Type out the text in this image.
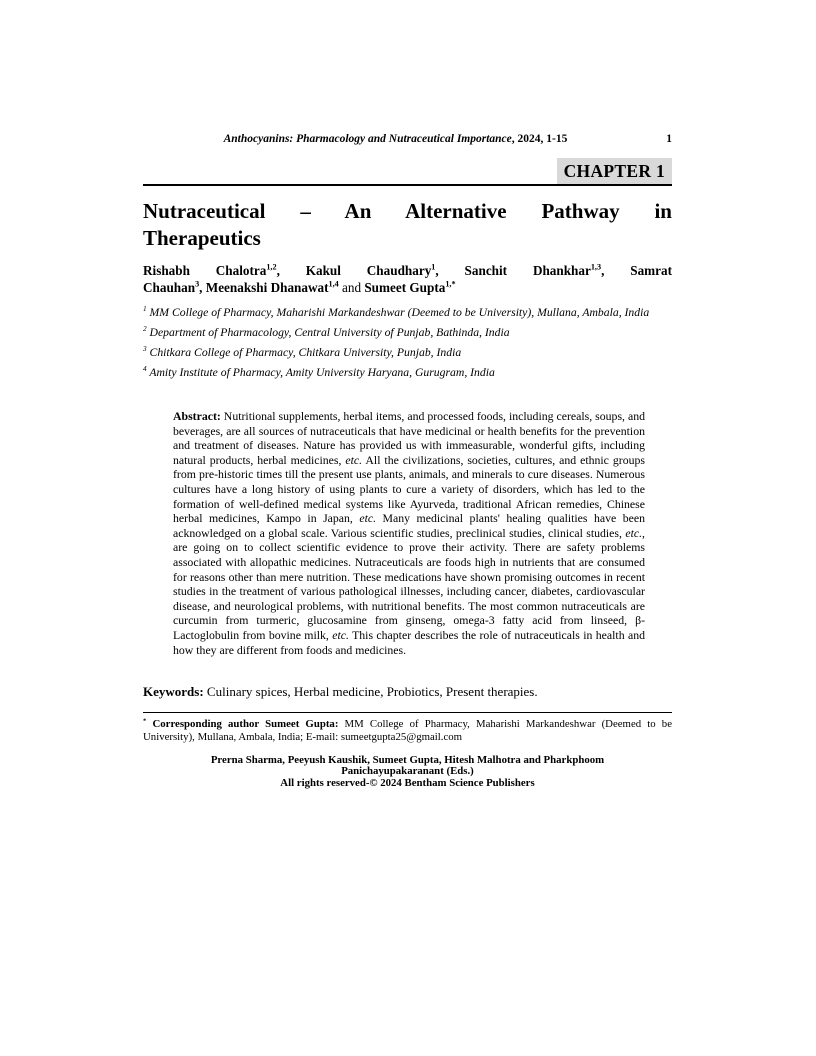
Anthocyanins: Pharmacology and Nutraceutical Importance, 2024, 1-15	1
CHAPTER 1
Nutraceutical – An Alternative Pathway in
Therapeutics
Rishabh Chalotra$^{1,2}$, Kakul Chaudhary$^1$, Sanchit Dhankhar$^{1,3}$, Samrat
Chauhan$^3$, Meenakshi Dhanawat$^{1,4}$ and Sumeet Gupta$^{1,*}$

$^1$ MM College of Pharmacy, Maharishi Markandeshwar (Deemed to be University), Mullana, Ambala, India

$^2$ Department of Pharmacology, Central University of Punjab, Bathinda, India

$^3$ Chitkara College of Pharmacy, Chitkara University, Punjab, India

$^4$ Amity Institute of Pharmacy, Amity University Haryana, Gurugram, India

Abstract: Nutritional supplements, herbal items, and processed foods, including cereals, soups, and beverages, are all sources of nutraceuticals that have medicinal or health benefits for the prevention and treatment of diseases. Nature has provided us with immeasurable, wonderful gifts, including natural products, herbal medicines, etc. All the civilizations, societies, cultures, and ethnic groups from pre-historic times till the present use plants, animals, and minerals to cure diseases. Numerous cultures have a long history of using plants to cure a variety of disorders, which has led to the formation of well-defined medical systems like Ayurveda, traditional African remedies, Chinese herbal medicines, Kampo in Japan, etc. Many medicinal plants' healing qualities have been acknowledged on a global scale. Various scientific studies, preclinical studies, clinical studies, etc., are going on to collect scientific evidence to prove their activity. There are safety problems associated with allopathic medicines. Nutraceuticals are foods high in nutrients that are consumed for reasons other than mere nutrition. These medications have shown promising outcomes in recent studies in the treatment of various pathological illnesses, including cancer, diabetes, cardiovascular disease, and neurological problems, with nutritional benefits. The most common nutraceuticals are curcumin from turmeric, glucosamine from ginseng, omega-3 fatty acid from linseed, β-Lactoglobulin from bovine milk, etc. This chapter describes the role of nutraceuticals in health and how they are different from foods and medicines.
Keywords: Culinary spices, Herbal medicine, Probiotics, Present therapies.
* Corresponding author Sumeet Gupta: MM College of Pharmacy, Maharishi Markandeshwar (Deemed to be University), Mullana, Ambala, India; E-mail: sumeetgupta25@gmail.com
Prerna Sharma, Peeyush Kaushik, Sumeet Gupta, Hitesh Malhotra and Pharkphoom
Panichayupakaranant (Eds.)
All rights reserved-© 2024 Bentham Science Publishers
